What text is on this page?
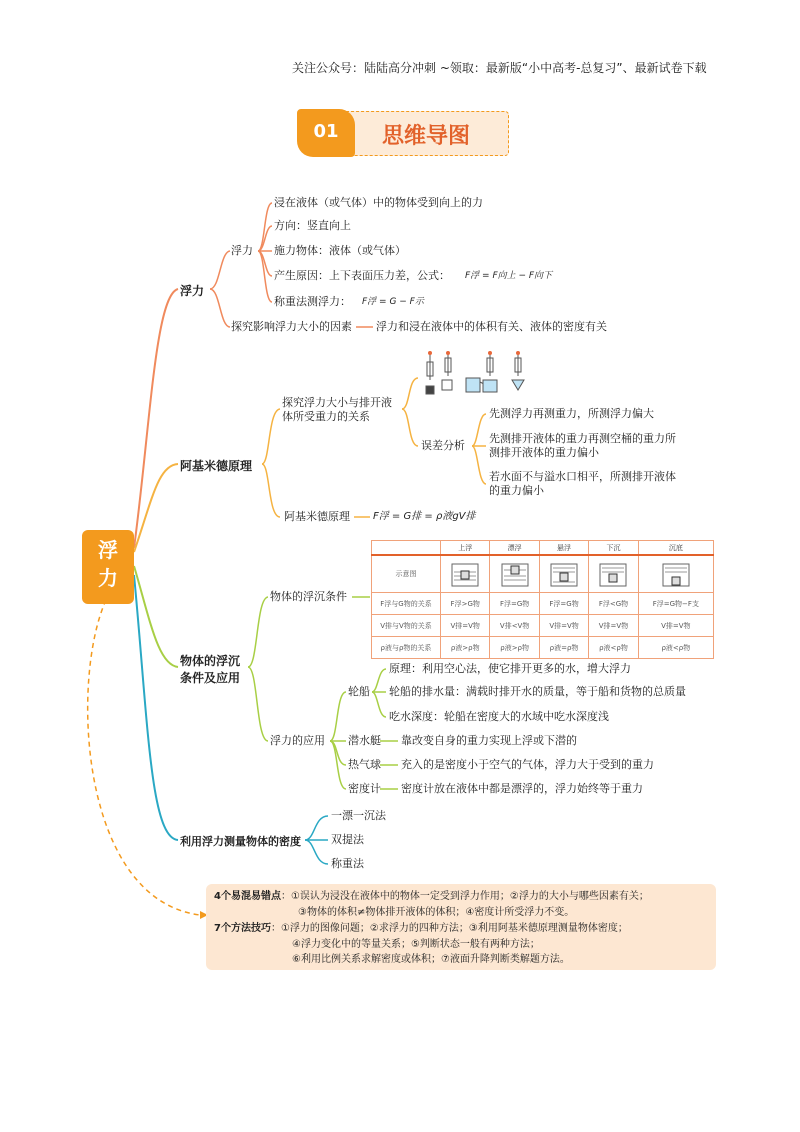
关注公众号：陆陆高分冲刺 ~领取：最新版“小中高考-总复习”、最新试卷下载
01	思维导图
浮力
浮力
浮力
浸在液体（或气体）中的物体受到向上的力
方向：竖直向上
施力物体：液体（或气体）
产生原因：上下表面压力差，公式： F浮 = F向上 − F向下
称重法测浮力： F浮 = G − F示
探究影响浮力大小的因素 浮力和浸在液体中的体积有关、液体的密度有关
阿基米德原理
探究浮力大小与排开液体所受重力的关系
误差分析
先测浮力再测重力，所测浮力偏大
先测排开液体的重力再测空桶的重力所测排开液体的重力偏小
若水面不与溢水口相平，所测排开液体的重力偏小
阿基米德原理 F浮 = G排 = ρ液gV排
物体的浮沉
条件及应用
物体的浮沉条件
	上浮	漂浮	悬浮	下沉	沉底
示意图					
F浮与G物的关系	F浮>G物	F浮=G物	F浮=G物	F浮<G物	F浮=G物−F支
V排与V物的关系	V排=V物	V排<V物	V排=V物	V排=V物	V排=V物
ρ液与ρ物的关系	ρ液>ρ物	ρ液>ρ物	ρ液=ρ物	ρ液<ρ物	ρ液<ρ物
浮力的应用
轮船
原理：利用空心法，使它排开更多的水，增大浮力
轮船的排水量：满载时排开水的质量，等于船和货物的总质量
吃水深度：轮船在密度大的水域中吃水深度浅
潜水艇 靠改变自身的重力实现上浮或下潜的
热气球 充入的是密度小于空气的气体，浮力大于受到的重力
密度计 密度计放在液体中都是漂浮的，浮力始终等于重力
利用浮力测量物体的密度
一漂一沉法
双提法
称重法
4个易混易错点：①误认为浸没在液体中的物体一定受到浮力作用；②浮力的大小与哪些因素有关；
③物体的体积≠物体排开液体的体积；④密度计所受浮力不变。
7个方法技巧：①浮力的图像问题；②求浮力的四种方法；③利用阿基米德原理测量物体密度；
④浮力变化中的等量关系；⑤判断状态一般有两种方法；
⑥利用比例关系求解密度或体积；⑦液面升降判断类解题方法。
